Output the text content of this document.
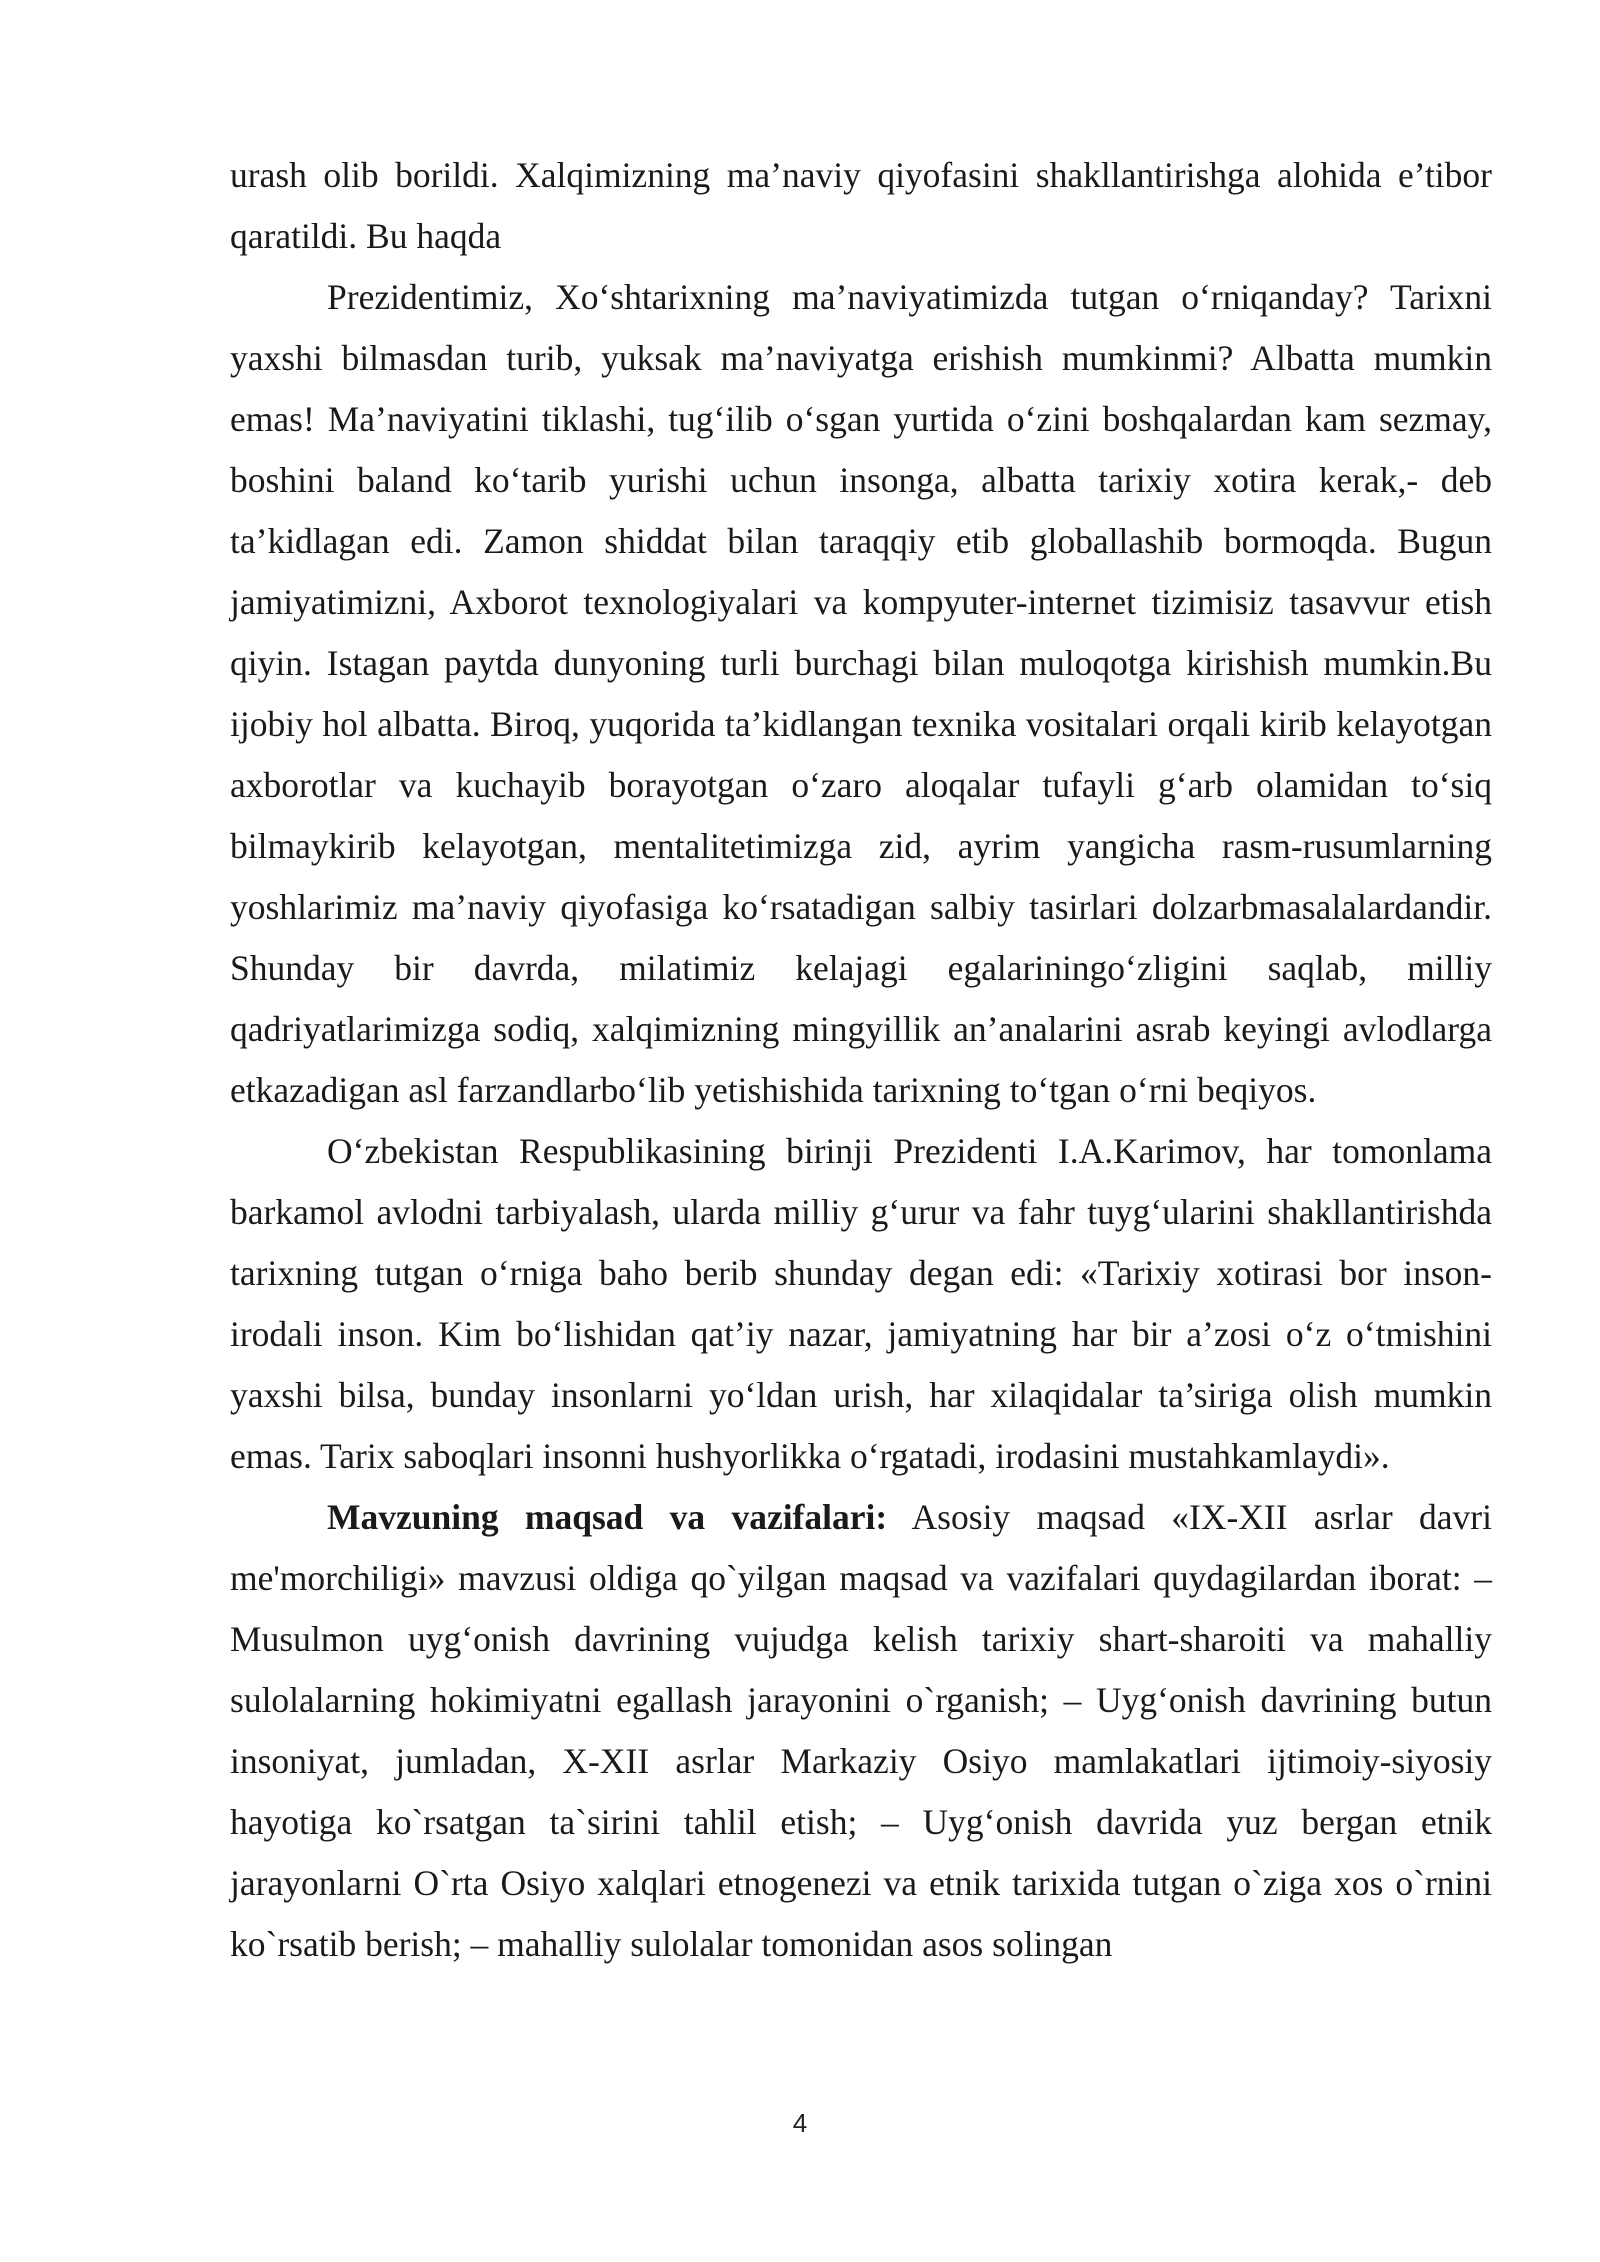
urash olib borildi. Xalqimizning ma’naviy qiyofasini shakllantirishga alohida e’tibor qaratildi. Bu haqda

Prezidentimiz, Xo‘shtarixning ma’naviyatimizda tutgan o‘rniqanday? Tarixni yaxshi bilmasdan turib, yuksak ma’naviyatga erishish mumkinmi? Albatta mumkin emas! Ma’naviyatini tiklashi, tug‘ilib o‘sgan yurtida o‘zini boshqalardan kam sezmay, boshini baland ko‘tarib yurishi uchun insonga, albatta tarixiy xotira kerak,- deb ta’kidlagan edi. Zamon shiddat bilan taraqqiy etib globallashib bormoqda. Bugun jamiyatimizni, Axborot texnologiyalari va kompyuter-internet tizimisiz tasavvur etish qiyin. Istagan paytda dunyoning turli burchagi bilan muloqotga kirishish mumkin.Bu ijobiy hol albatta. Biroq, yuqorida ta’kidlangan texnika vositalari orqali kirib kelayotgan axborotlar va kuchayib borayotgan o‘zaro aloqalar tufayli g‘arb olamidan to‘siq bilmaykirib kelayotgan, mentalitetimizga zid, ayrim yangicha rasm-rusumlarning yoshlarimiz ma’naviy qiyofasiga ko‘rsatadigan salbiy tasirlari dolzarbmasalalardandir. Shunday bir davrda, milatimiz kelajagi egalariningo‘zligini saqlab, milliy qadriyatlarimizga sodiq, xalqimizning mingyillik an’analarini asrab keyingi avlodlarga etkazadigan asl farzandlarbo‘lib yetishishida tarixning to‘tgan o‘rni beqiyos.

O‘zbekistan Respublikasining birinji Prezidenti I.A.Karimov, har tomonlama barkamol avlodni tarbiyalash, ularda milliy g‘urur va fahr tuyg‘ularini shakllantirishda tarixning tutgan o‘rniga baho berib shunday degan edi: «Tarixiy xotirasi bor inson-irodali inson. Kim bo‘lishidan qat’iy nazar, jamiyatning har bir a’zosi o‘z o‘tmishini yaxshi bilsa, bunday insonlarni yo‘ldan urish, har xilaqidalar ta’siriga olish mumkin emas. Tarix saboqlari insonni hushyorlikka o‘rgatadi, irodasini mustahkamlaydi».

Mavzuning maqsad va vazifalari: Asosiy maqsad «IX-XII asrlar davri me'morchiligi» mavzusi oldiga qo`yilgan maqsad va vazifalari quydagilardan iborat: – Musulmon uyg‘onish davrining vujudga kelish tarixiy shart-sharoiti va mahalliy sulolalarning hokimiyatni egallash jarayonini o`rganish; – Uyg‘onish davrining butun insoniyat, jumladan, X-XII asrlar Markaziy Osiyo mamlakatlari ijtimoiy-siyosiy hayotiga ko`rsatgan ta`sirini tahlil etish; – Uyg‘onish davrida yuz bergan etnik jarayonlarni O`rta Osiyo xalqlari etnogenezi va etnik tarixida tutgan o`ziga xos o`rnini ko`rsatib berish; – mahalliy sulolalar tomonidan asos solingan

4
